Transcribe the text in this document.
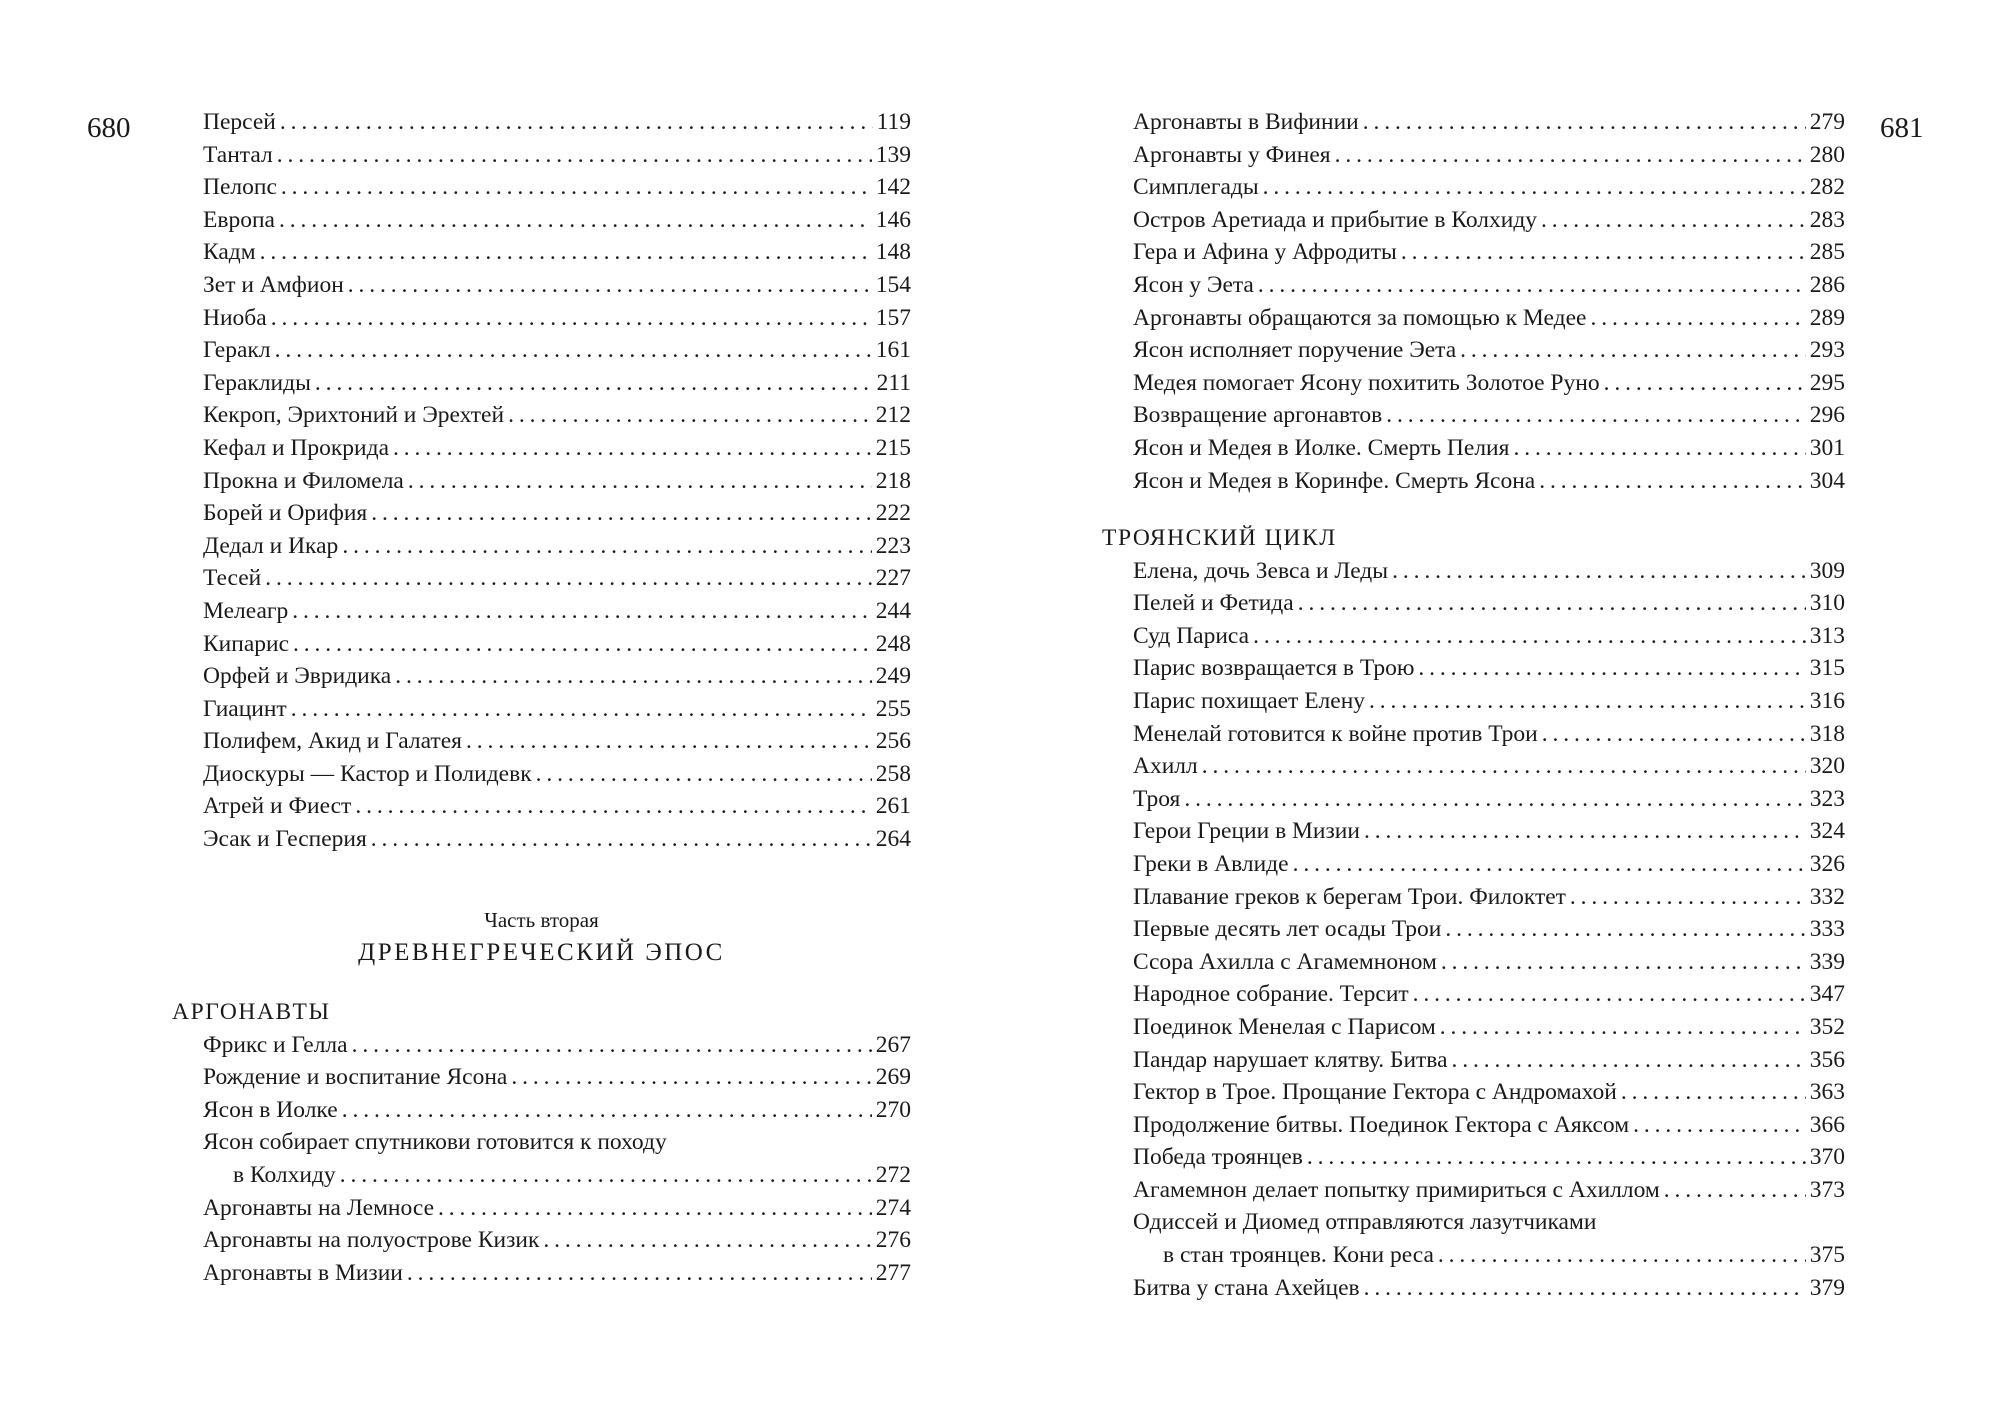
680	681
Персей . . .	119
Тантал . . .	139
Пелопс . . .	142
Европа . . .	146
Кадм . . .	148
Зет и Амфион . . .	154
Ниоба . . .	157
Геракл . . .	161
Гераклиды . . .	211
Кекроп, Эрихтоний и Эрехтей . . .	212
Кефал и Прокрида . . .	215
Прокна и Филомела . . .	218
Борей и Орифия . . .	222
Дедал и Икар . . .	223
Тесей . . .	227
Мелеагр . . .	244
Кипарис . . .	248
Орфей и Эвридика . . .	249
Гиацинт . . .	255
Полифем, Акид и Галатея . . .	256
Диоскуры — Кастор и Полидевк . . .	258
Атрей и Фиест . . .	261
Эсак и Гесперия . . .	264
Часть вторая
ДРЕВНЕГРЕЧЕСКИЙ ЭПОС
АРГОНАВТЫ
Фрикс и Гелла . . .	267
Рождение и воспитание Ясона . . .	269
Ясон в Иолке . . .	270
Ясон собирает спутникови готовится к походу
в Колхиду . . .	272
Аргонавты на Лемносе . . .	274
Аргонавты на полуострове Кизик . . .	276
Аргонавты в Мизии . . .	277
Аргонавты в Вифинии . . .	279
Аргонавты у Финея . . .	280
Симплегады . . .	282
Остров Аретиада и прибытие в Колхиду . . .	283
Гера и Афина у Афродиты . . .	285
Ясон у Эета . . .	286
Аргонавты обращаются за помощью к Медее . . .	289
Ясон исполняет поручение Эета . . .	293
Медея помогает Ясону похитить Золотое Руно . . .	295
Возвращение аргонавтов . . .	296
Ясон и Медея в Иолке. Смерть Пелия . . .	301
Ясон и Медея в Коринфе. Смерть Ясона . . .	304
ТРОЯНСКИЙ ЦИКЛ
Елена, дочь Зевса и Леды . . .	309
Пелей и Фетида . . .	310
Суд Париса . . .	313
Парис возвращается в Трою . . .	315
Парис похищает Елену . . .	316
Менелай готовится к войне против Трои . . .	318
Ахилл . . .	320
Троя . . .	323
Герои Греции в Мизии . . .	324
Греки в Авлиде . . .	326
Плавание греков к берегам Трои. Филоктет . . .	332
Первые десять лет осады Трои . . .	333
Ссора Ахилла с Агамемноном . . .	339
Народное собрание. Терсит . . .	347
Поединок Менелая с Парисом . . .	352
Пандар нарушает клятву. Битва . . .	356
Гектор в Трое. Прощание Гектора с Андромахой . . .	363
Продолжение битвы. Поединок Гектора с Аяксом . . .	366
Победа троянцев . . .	370
Агамемнон делает попытку примириться с Ахиллом . . .	373
Одиссей и Диомед отправляются лазутчиками
в стан троянцев. Кони реса . . .	375
Битва у стана Ахейцев . . .	379
